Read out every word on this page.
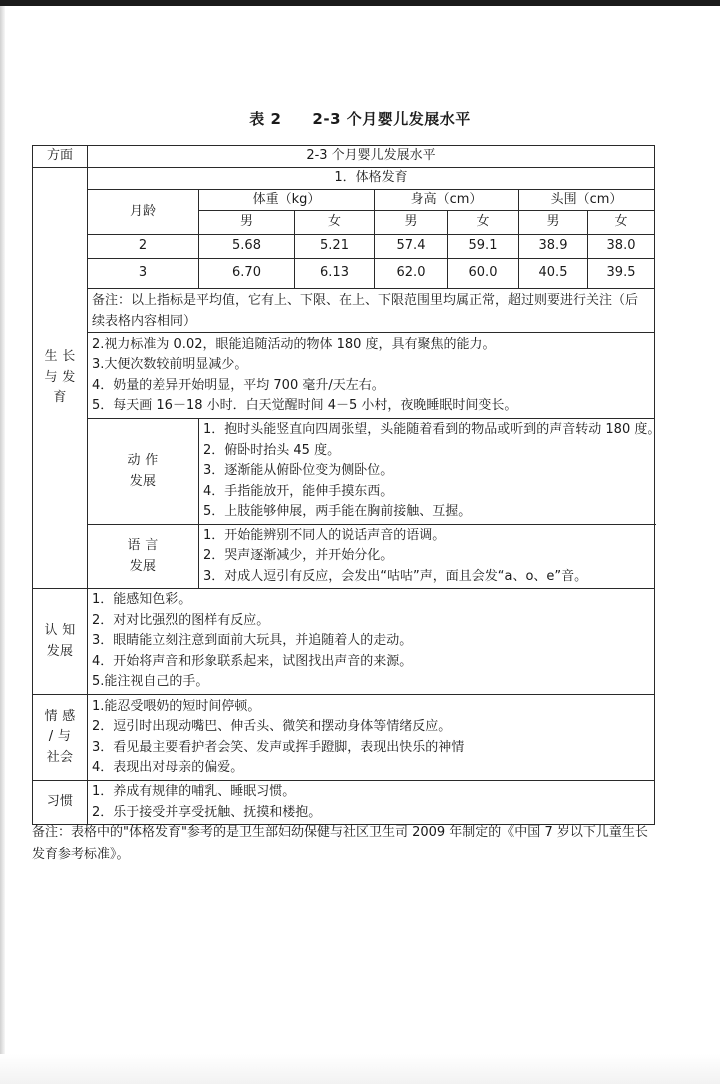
表 2　　2-3 个月婴儿发展水平
方面	2-3 个月婴儿发展水平						

生 长
与 发
育	1．体格发育						
	月龄	体重（kg）		身高（cm）		头围（cm）	
		男	女	男	女	男	女
	2	5.68	5.21	57.4	59.1	38.9	38.0
	3	6.70	6.13	62.0	60.0	40.5	39.5
	备注：以上指标是平均值，它有上、下限、在上、下限范围里均属正常，超过则要进行关注（后续表格内容相同）						

	2.视力标准为 0.02，眼能追随活动的物体 180 度，具有聚焦的能力。
3.大便次数较前明显减少。
4．奶量的差异开始明显，平均 700 毫升/天左右。
5．每天画 16－18 小时．白天觉醒时间 4－5 小村，夜晚睡眠时间变长。						

	动 作
发展	1．抱时头能竖直向四周张望，头能随着看到的物品或听到的声音转动 180 度。
2．俯卧时抬头 45 度。
3．逐渐能从俯卧位变为侧卧位。
4．手指能放开，能伸手摸东西。
5．上肢能够伸展，两手能在胸前接触、互握。					

	语 言
发展	1．开始能辨别不同人的说话声音的语调。
2．哭声逐渐减少，并开始分化。
3．对成人逗引有反应，会发出“咕咕”声，面且会发“a、o、e”音。					

认 知
发展	1．能感知色彩。
2．对对比强烈的图样有反应。
3．眼睛能立刻注意到面前大玩具，并追随着人的走动。
4．开始将声音和形象联系起来，试图找出声音的来源。
5.能注视自己的手。						

情 感
/ 与
社会	1.能忍受喂奶的短时间停顿。
2．逗引时出现动嘴巴、伸舌头、微笑和摆动身体等情绪反应。
3．看见最主要看护者会笑、发声或挥手蹬脚，表现出快乐的神情
4．表现出对母亲的偏爱。						

习惯	1．养成有规律的哺乳、睡眠习惯。
2．乐于接受并享受抚触、抚摸和楼抱。						
备注：表格中的"体格发育"参考的是卫生部妇幼保健与社区卫生司 2009 年制定的《中国 7 岁以下儿童生长发育参考标准》。
